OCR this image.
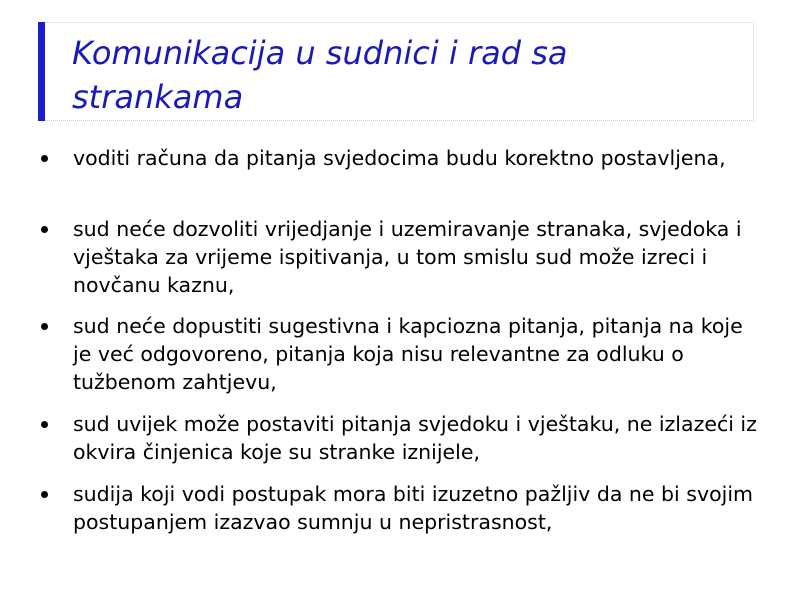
Komunikacija u sudnici i rad sa strankama
voditi računa da pitanja svjedocima budu korektno postavljena,
sud neće dozvoliti vrijedjanje i uzemiravanje stranaka, svjedoka i vještaka za vrijeme ispitivanja, u tom smislu sud može izreci i novčanu kaznu,
sud neće dopustiti sugestivna i kapciozna pitanja, pitanja na koje je već odgovoreno, pitanja koja nisu relevantne za odluku o tužbenom zahtjevu,
sud uvijek može postaviti pitanja svjedoku i vještaku, ne izlazeći iz okvira činjenica koje su stranke iznijele,
sudija koji vodi postupak mora biti izuzetno pažljiv da ne bi svojim postupanjem izazvao sumnju u nepristrasnost,
